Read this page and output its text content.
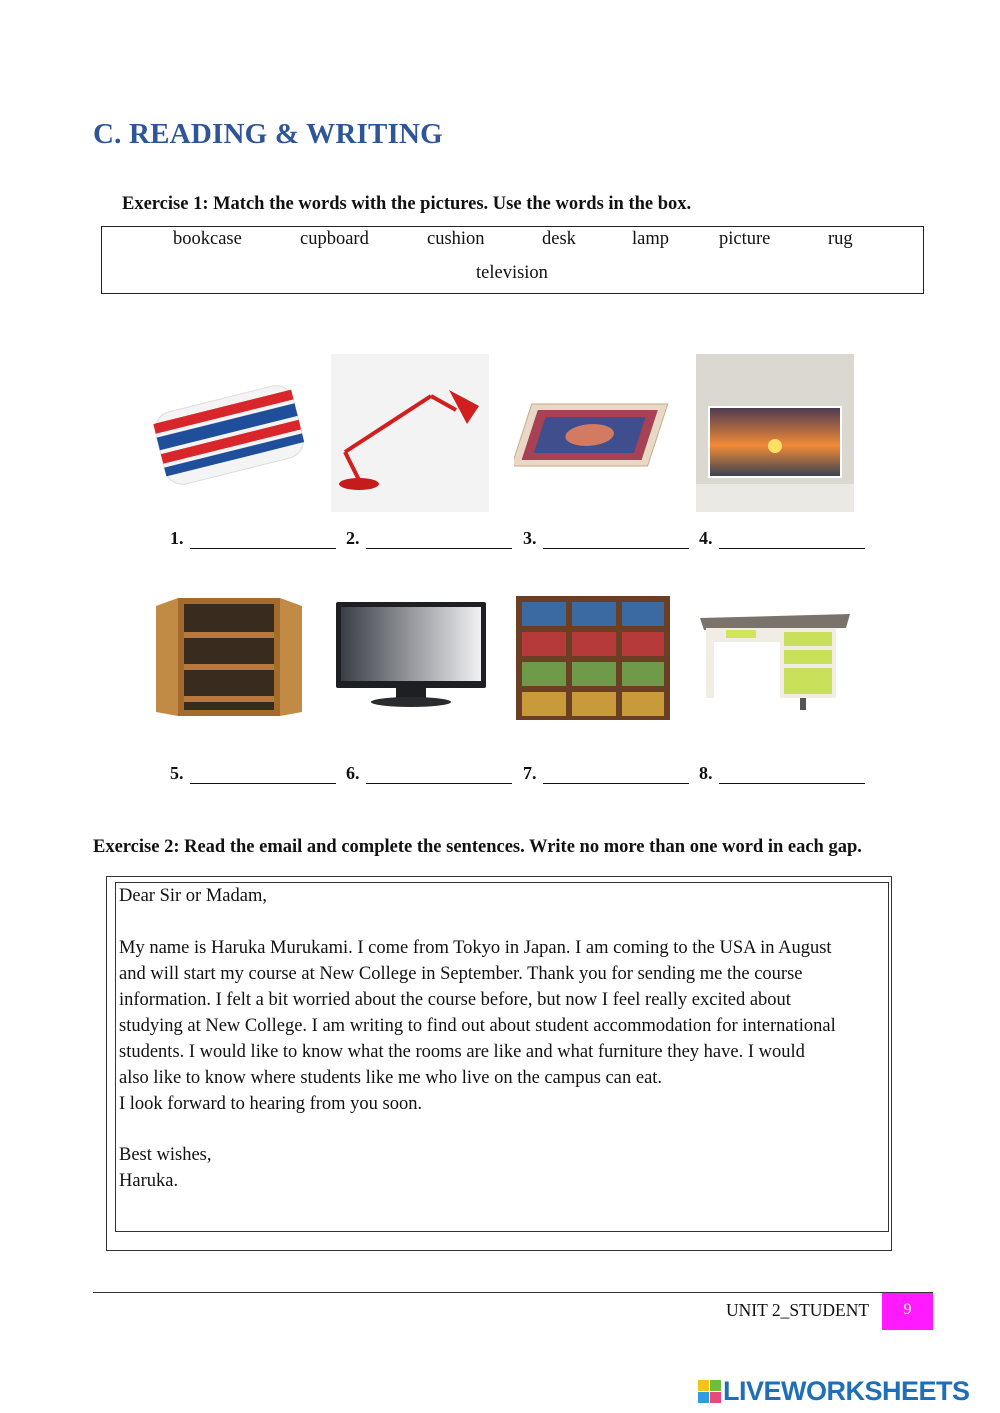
C. READING & WRITING
Exercise 1: Match the words with the pictures. Use the words in the box.
bookcase	cupboard	cushion	desk	lamp	picture	rug
television
1.	2.	3.	4.
5.	6.	7.	8.
Exercise 2: Read the email and complete the sentences. Write no more than one word in each gap.
Dear Sir or Madam,
My name is Haruka Murukami. I come from Tokyo in Japan. I am coming to the USA in August
and will start my course at New College in September. Thank you for sending me the course
information. I felt a bit worried about the course before, but now I feel really excited about
studying at New College. I am writing to find out about student accommodation for international
students. I would like to know what the rooms are like and what furniture they have. I would
also like to know where students like me who live on the campus can eat.
I look forward to hearing from you soon.
Best wishes,
Haruka.
UNIT 2_STUDENT	9
LIVEWORKSHEETS
